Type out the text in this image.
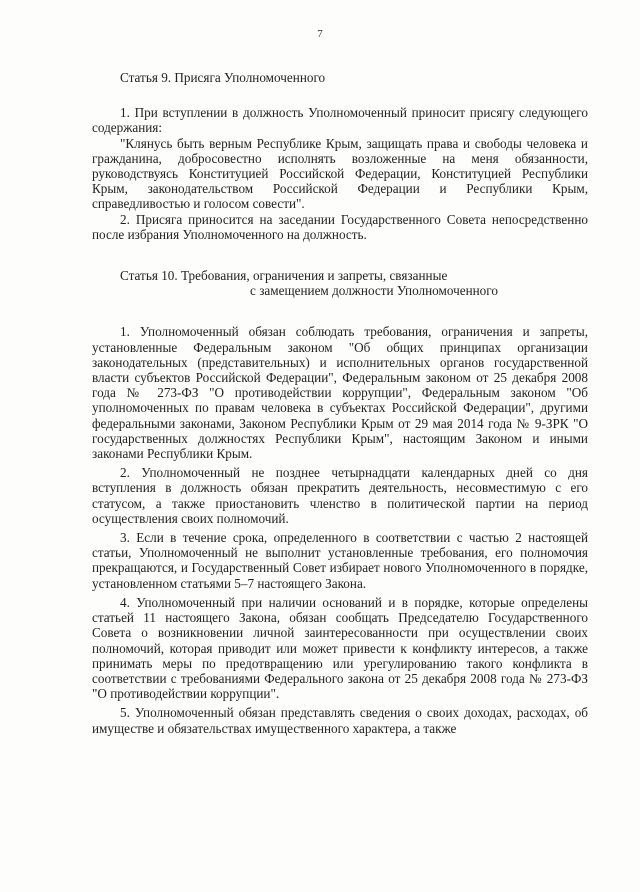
7

Статья 9. Присяга Уполномоченного

1. При вступлении в должность Уполномоченный приносит присягу следующего содержания:

"Клянусь быть верным Республике Крым, защищать права и свободы человека и гражданина, добросовестно исполнять возложенные на меня обязанности, руководствуясь Конституцией Российской Федерации, Конституцией Республики Крым, законодательством Российской Федерации и Республики Крым, справедливостью и голосом совести".

2. Присяга приносится на заседании Государственного Совета непосредственно после избрания Уполномоченного на должность.

Статья 10. Требования, ограничения и запреты, связанные
с замещением должности Уполномоченного

1. Уполномоченный обязан соблюдать требования, ограничения и запреты, установленные Федеральным законом "Об общих принципах организации законодательных (представительных) и исполнительных органов государственной власти субъектов Российской Федерации", Федеральным законом от 25 декабря 2008 года № 273-ФЗ "О противодействии коррупции", Федеральным законом "Об уполномоченных по правам человека в субъектах Российской Федерации", другими федеральными законами, Законом Республики Крым от 29 мая 2014 года № 9-ЗРК "О государственных должностях Республики Крым", настоящим Законом и иными законами Республики Крым.

2. Уполномоченный не позднее четырнадцати календарных дней со дня вступления в должность обязан прекратить деятельность, несовместимую с его статусом, а также приостановить членство в политической партии на период осуществления своих полномочий.

3. Если в течение срока, определенного в соответствии с частью 2 настоящей статьи, Уполномоченный не выполнит установленные требования, его полномочия прекращаются, и Государственный Совет избирает нового Уполномоченного в порядке, установленном статьями 5–7 настоящего Закона.

4. Уполномоченный при наличии оснований и в порядке, которые определены статьей 11 настоящего Закона, обязан сообщать Председателю Государственного Совета о возникновении личной заинтересованности при осуществлении своих полномочий, которая приводит или может привести к конфликту интересов, а также принимать меры по предотвращению или урегулированию такого конфликта в соответствии с требованиями Федерального закона от 25 декабря 2008 года № 273-ФЗ "О противодействии коррупции".

5. Уполномоченный обязан представлять сведения о своих доходах, расходах, об имуществе и обязательствах имущественного характера, а также
